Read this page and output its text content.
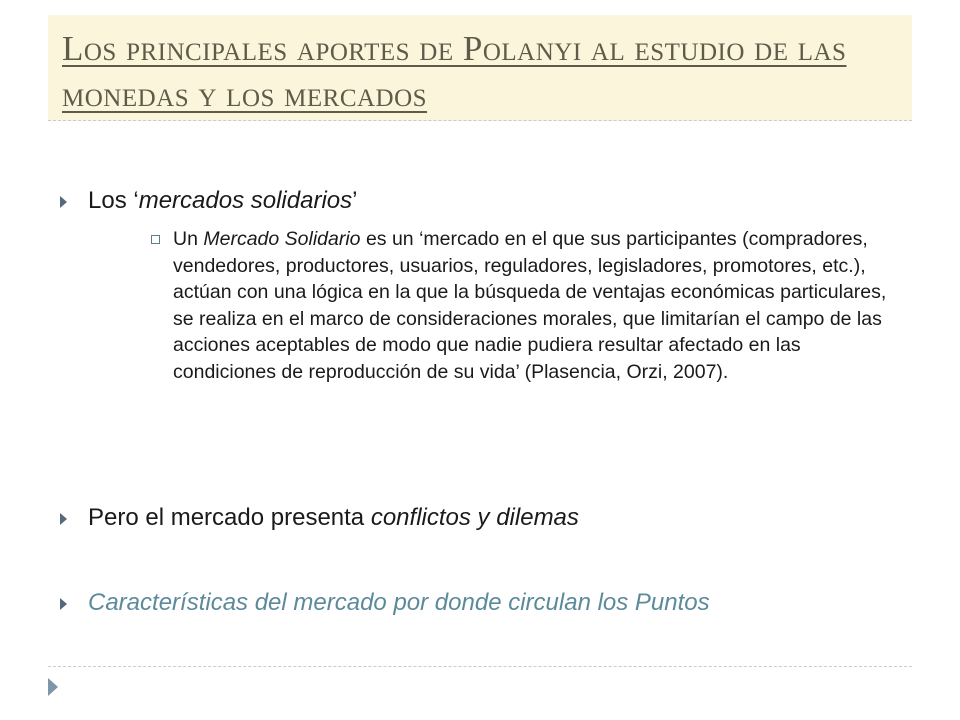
Los principales aportes de Polanyi al estudio de las monedas y los mercados

Los ‘mercados solidarios’

Un Mercado Solidario es un ‘mercado en el que sus participantes (compradores, vendedores, productores, usuarios, reguladores, legisladores, promotores, etc.), actúan con una lógica en la que la búsqueda de ventajas económicas particulares, se realiza en el marco de consideraciones morales, que limitarían el campo de las acciones aceptables de modo que nadie pudiera resultar afectado en las condiciones de reproducción de su vida’ (Plasencia, Orzi, 2007).

Pero el mercado presenta conflictos y dilemas

Características del mercado por donde circulan los Puntos
